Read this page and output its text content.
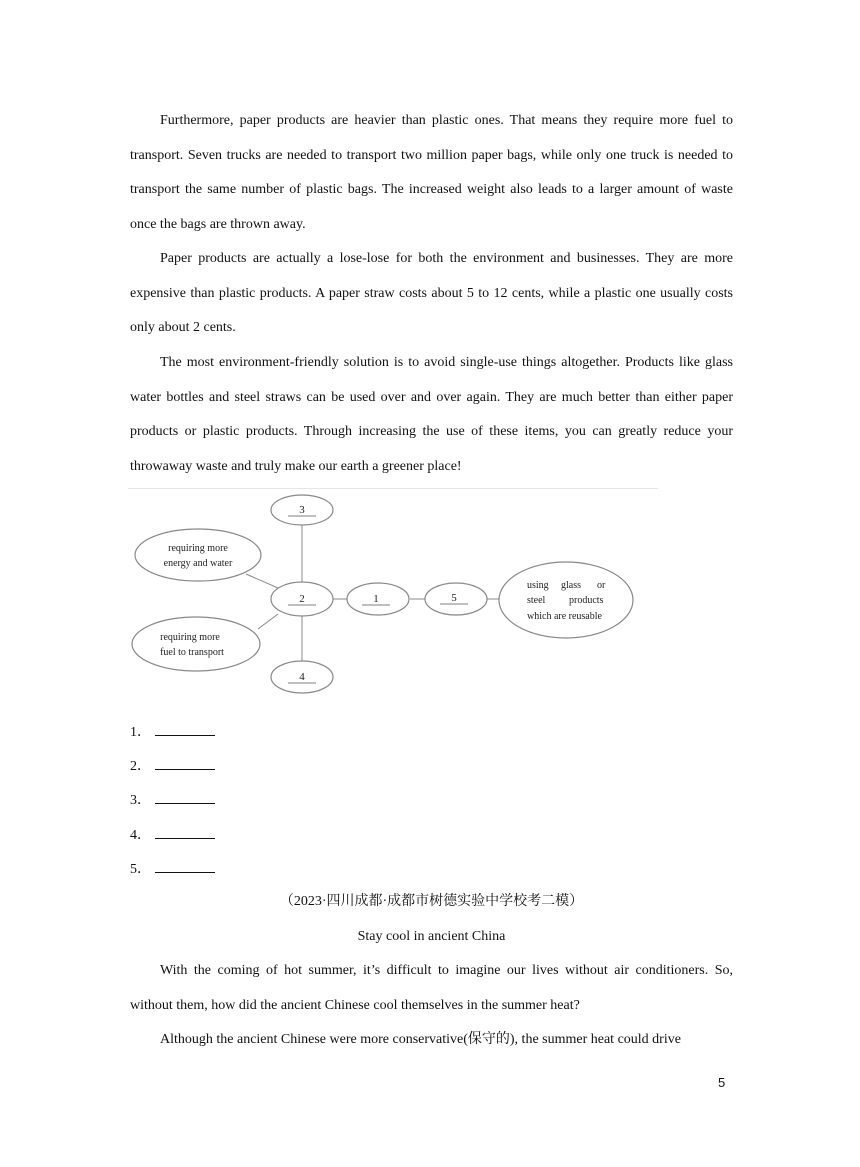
Furthermore, paper products are heavier than plastic ones. That means they require more fuel to transport. Seven trucks are needed to transport two million paper bags, while only one truck is needed to transport the same number of plastic bags. The increased weight also leads to a larger amount of waste once the bags are thrown away.

Paper products are actually a lose-lose for both the environment and businesses. They are more expensive than plastic products. A paper straw costs about 5 to 12 cents, while a plastic one usually costs only about 2 cents.

The most environment-friendly solution is to avoid single-use things altogether. Products like glass water bottles and steel straws can be used over and over again. They are much better than either paper products or plastic products. Through increasing the use of these items, you can greatly reduce your throwaway waste and truly make our earth a greener place!

3
2	1	5
4
requiring more
energy and water
requiring more
fuel to transport
using glass or
steel products
which are reusable
1．
2．
3．
4．
5．
（2023·四川成都·成都市树德实验中学校考二模）
Stay cool in ancient China

With the coming of hot summer, it’s difficult to imagine our lives without air conditioners. So, without them, how did the ancient Chinese cool themselves in the summer heat?

Although the ancient Chinese were more conservative(保守的), the summer heat could drive

5
